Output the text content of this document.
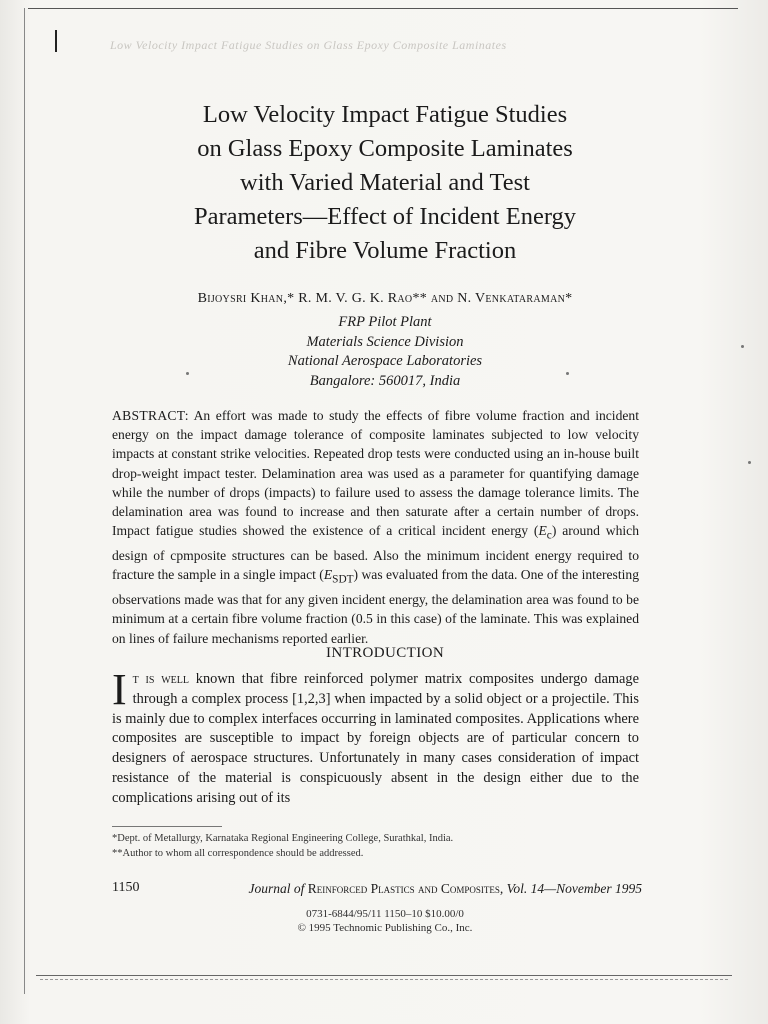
Low Velocity Impact Fatigue Studies on Glass Epoxy Composite Laminates
Low Velocity Impact Fatigue Studies
on Glass Epoxy Composite Laminates
with Varied Material and Test
Parameters—Effect of Incident Energy
and Fibre Volume Fraction
Bijoysri Khan,* R. M. V. G. K. Rao** and N. Venkataraman*
FRP Pilot Plant
Materials Science Division
National Aerospace Laboratories
Bangalore: 560017, India

ABSTRACT: An effort was made to study the effects of fibre volume fraction and incident energy on the impact damage tolerance of composite laminates subjected to low velocity impacts at constant strike velocities. Repeated drop tests were conducted using an in-house built drop-weight impact tester. Delamination area was used as a parameter for quantifying damage while the number of drops (impacts) to failure used to assess the damage tolerance limits. The delamination area was found to increase and then saturate after a certain number of drops. Impact fatigue studies showed the existence of a critical incident energy $(E_c)$ around which design of cpmposite structures can be based. Also the minimum incident energy required to fracture the sample in a single impact $(E_{SDT})$ was evaluated from the data. One of the interesting observations made was that for any given incident energy, the delamination area was found to be minimum at a certain fibre volume fraction (0.5 in this case) of the laminate. This was explained on lines of failure mechanisms reported earlier.

INTRODUCTION

It is well known that fibre reinforced polymer matrix composites undergo damage through a complex process [1,2,3] when impacted by a solid object or a projectile. This is mainly due to complex interfaces occurring in laminated composites. Applications where composites are susceptible to impact by foreign objects are of particular concern to designers of aerospace structures. Unfortunately in many cases consideration of impact resistance of the material is conspicuously absent in the design either due to the complications arising out of its

*Dept. of Metallurgy, Karnataka Regional Engineering College, Surathkal, India.
**Author to whom all correspondence should be addressed.
1150	Journal of Reinforced Plastics and Composites, Vol. 14—November 1995
0731-6844/95/11 1150–10 $10.00/0
© 1995 Technomic Publishing Co., Inc.
